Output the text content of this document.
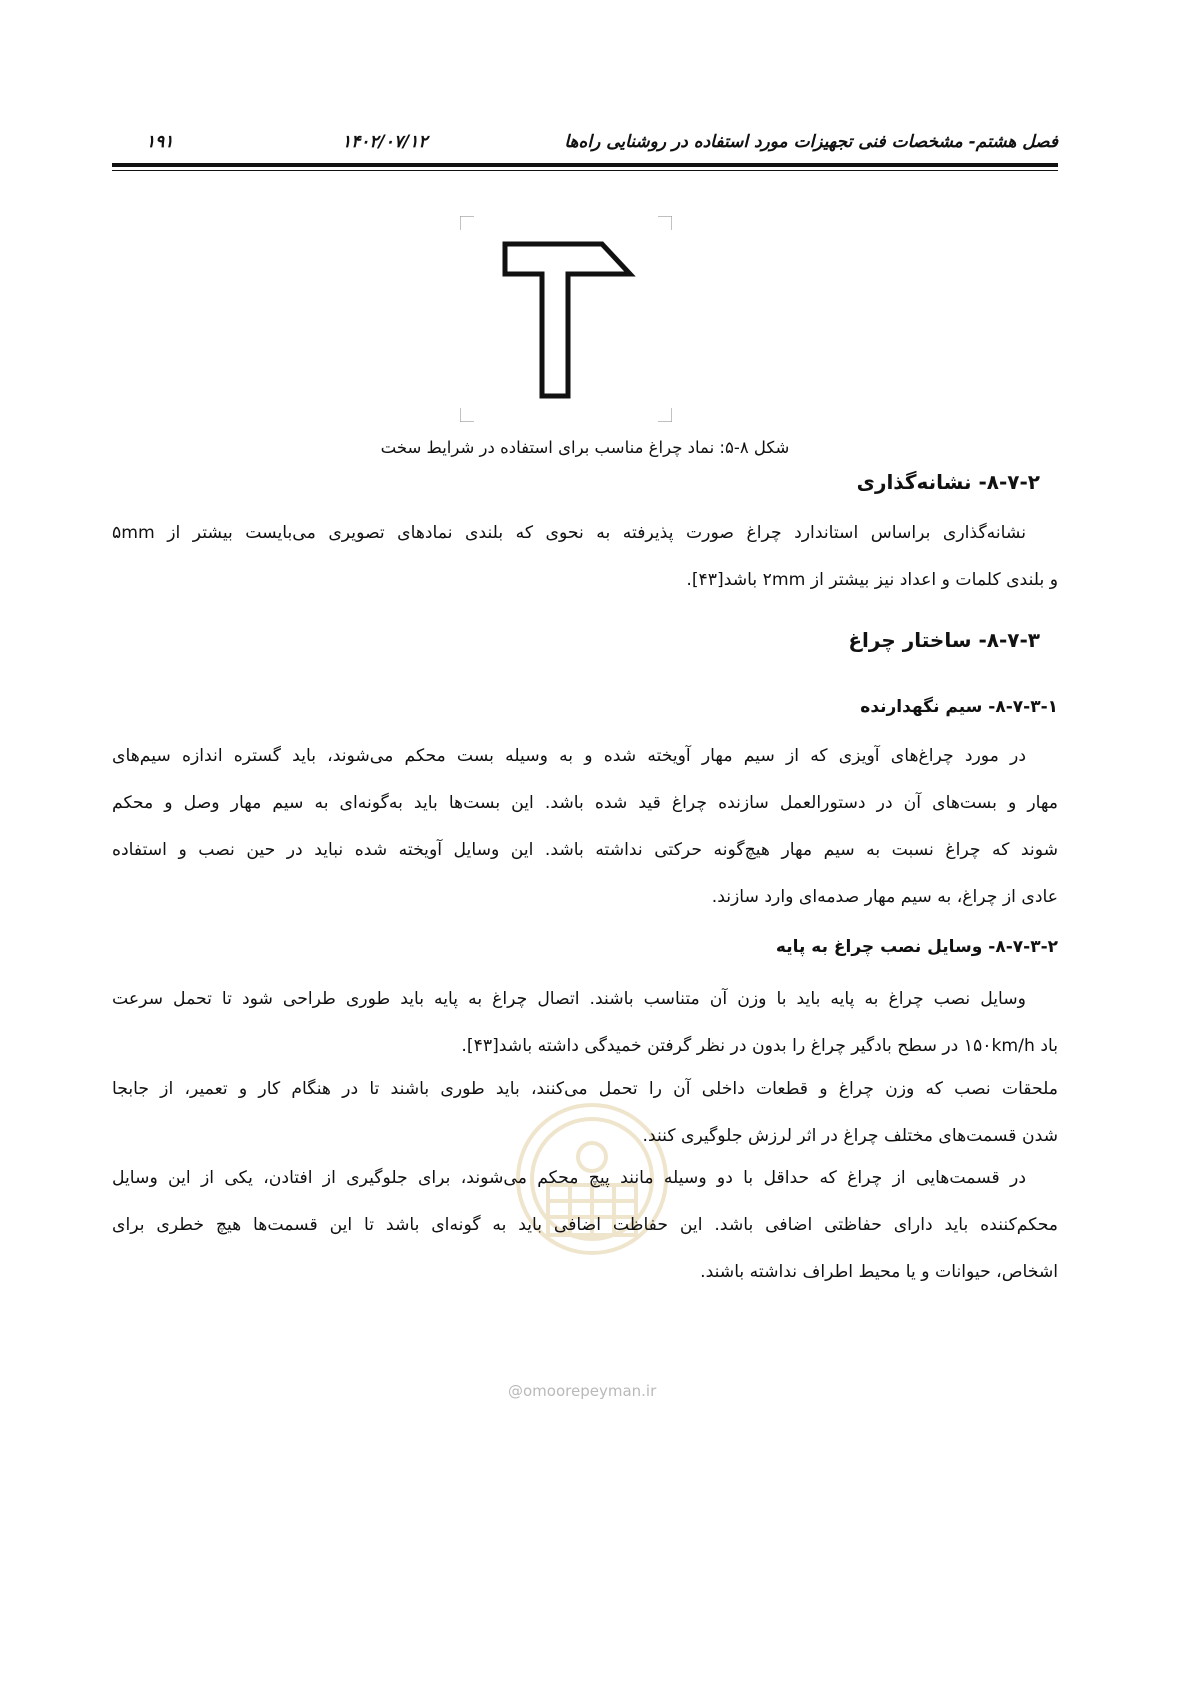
فصل هشتم- مشخصات فنی تجهیزات مورد استفاده در روشنایی راه‌ها
۱۴۰۲/۰۷/۱۲
۱۹۱
شکل ۸-۵: نماد چراغ مناسب برای استفاده در شرایط سخت
@omoorepeyman.ir
۸-۷-۲- نشانه‌گذاری

نشانه‌گذاری براساس استاندارد چراغ صورت پذیرفته به نحوی که بلندی نمادهای تصویری می‌بایست بیشتر از ۵mm
و بلندی کلمات و اعداد نیز بیشتر از ۲mm باشد[۴۳].

۸-۷-۳- ساختار چراغ
۸-۷-۳-۱- سیم نگهدارنده

در مورد چراغ‌های آویزی که از سیم مهار آویخته شده و به وسیله بست محکم می‌شوند، باید گستره اندازه سیم‌های
مهار و بست‌های آن در دستورالعمل سازنده چراغ قید شده باشد. این بست‌ها باید به‌گونه‌ای به سیم مهار وصل و محکم
شوند که چراغ نسبت به سیم مهار هیچ‌گونه حرکتی نداشته باشد. این وسایل آویخته شده نباید در حین نصب و استفاده
عادی از چراغ، به سیم مهار صدمه‌ای وارد سازند.

۸-۷-۳-۲- وسایل نصب چراغ به پایه

وسایل نصب چراغ به پایه باید با وزن آن متناسب باشند. اتصال چراغ به پایه باید طوری طراحی شود تا تحمل سرعت
باد ۱۵۰km/h در سطح بادگیر چراغ را بدون در نظر گرفتن خمیدگی داشته باشد[۴۳].

ملحقات نصب که وزن چراغ و قطعات داخلی آن را تحمل می‌کنند، باید طوری باشند تا در هنگام کار و تعمیر، از جابجا
شدن قسمت‌های مختلف چراغ در اثر لرزش جلوگیری کنند.

در قسمت‌هایی از چراغ که حداقل با دو وسیله مانند پیچ محکم می‌شوند، برای جلوگیری از افتادن، یکی از این وسایل
محکم‌کننده باید دارای حفاظتی اضافی باشد. این حفاظت اضافی باید به گونه‌ای باشد تا این قسمت‌ها هیچ خطری برای
اشخاص، حیوانات و یا محیط اطراف نداشته باشند.
